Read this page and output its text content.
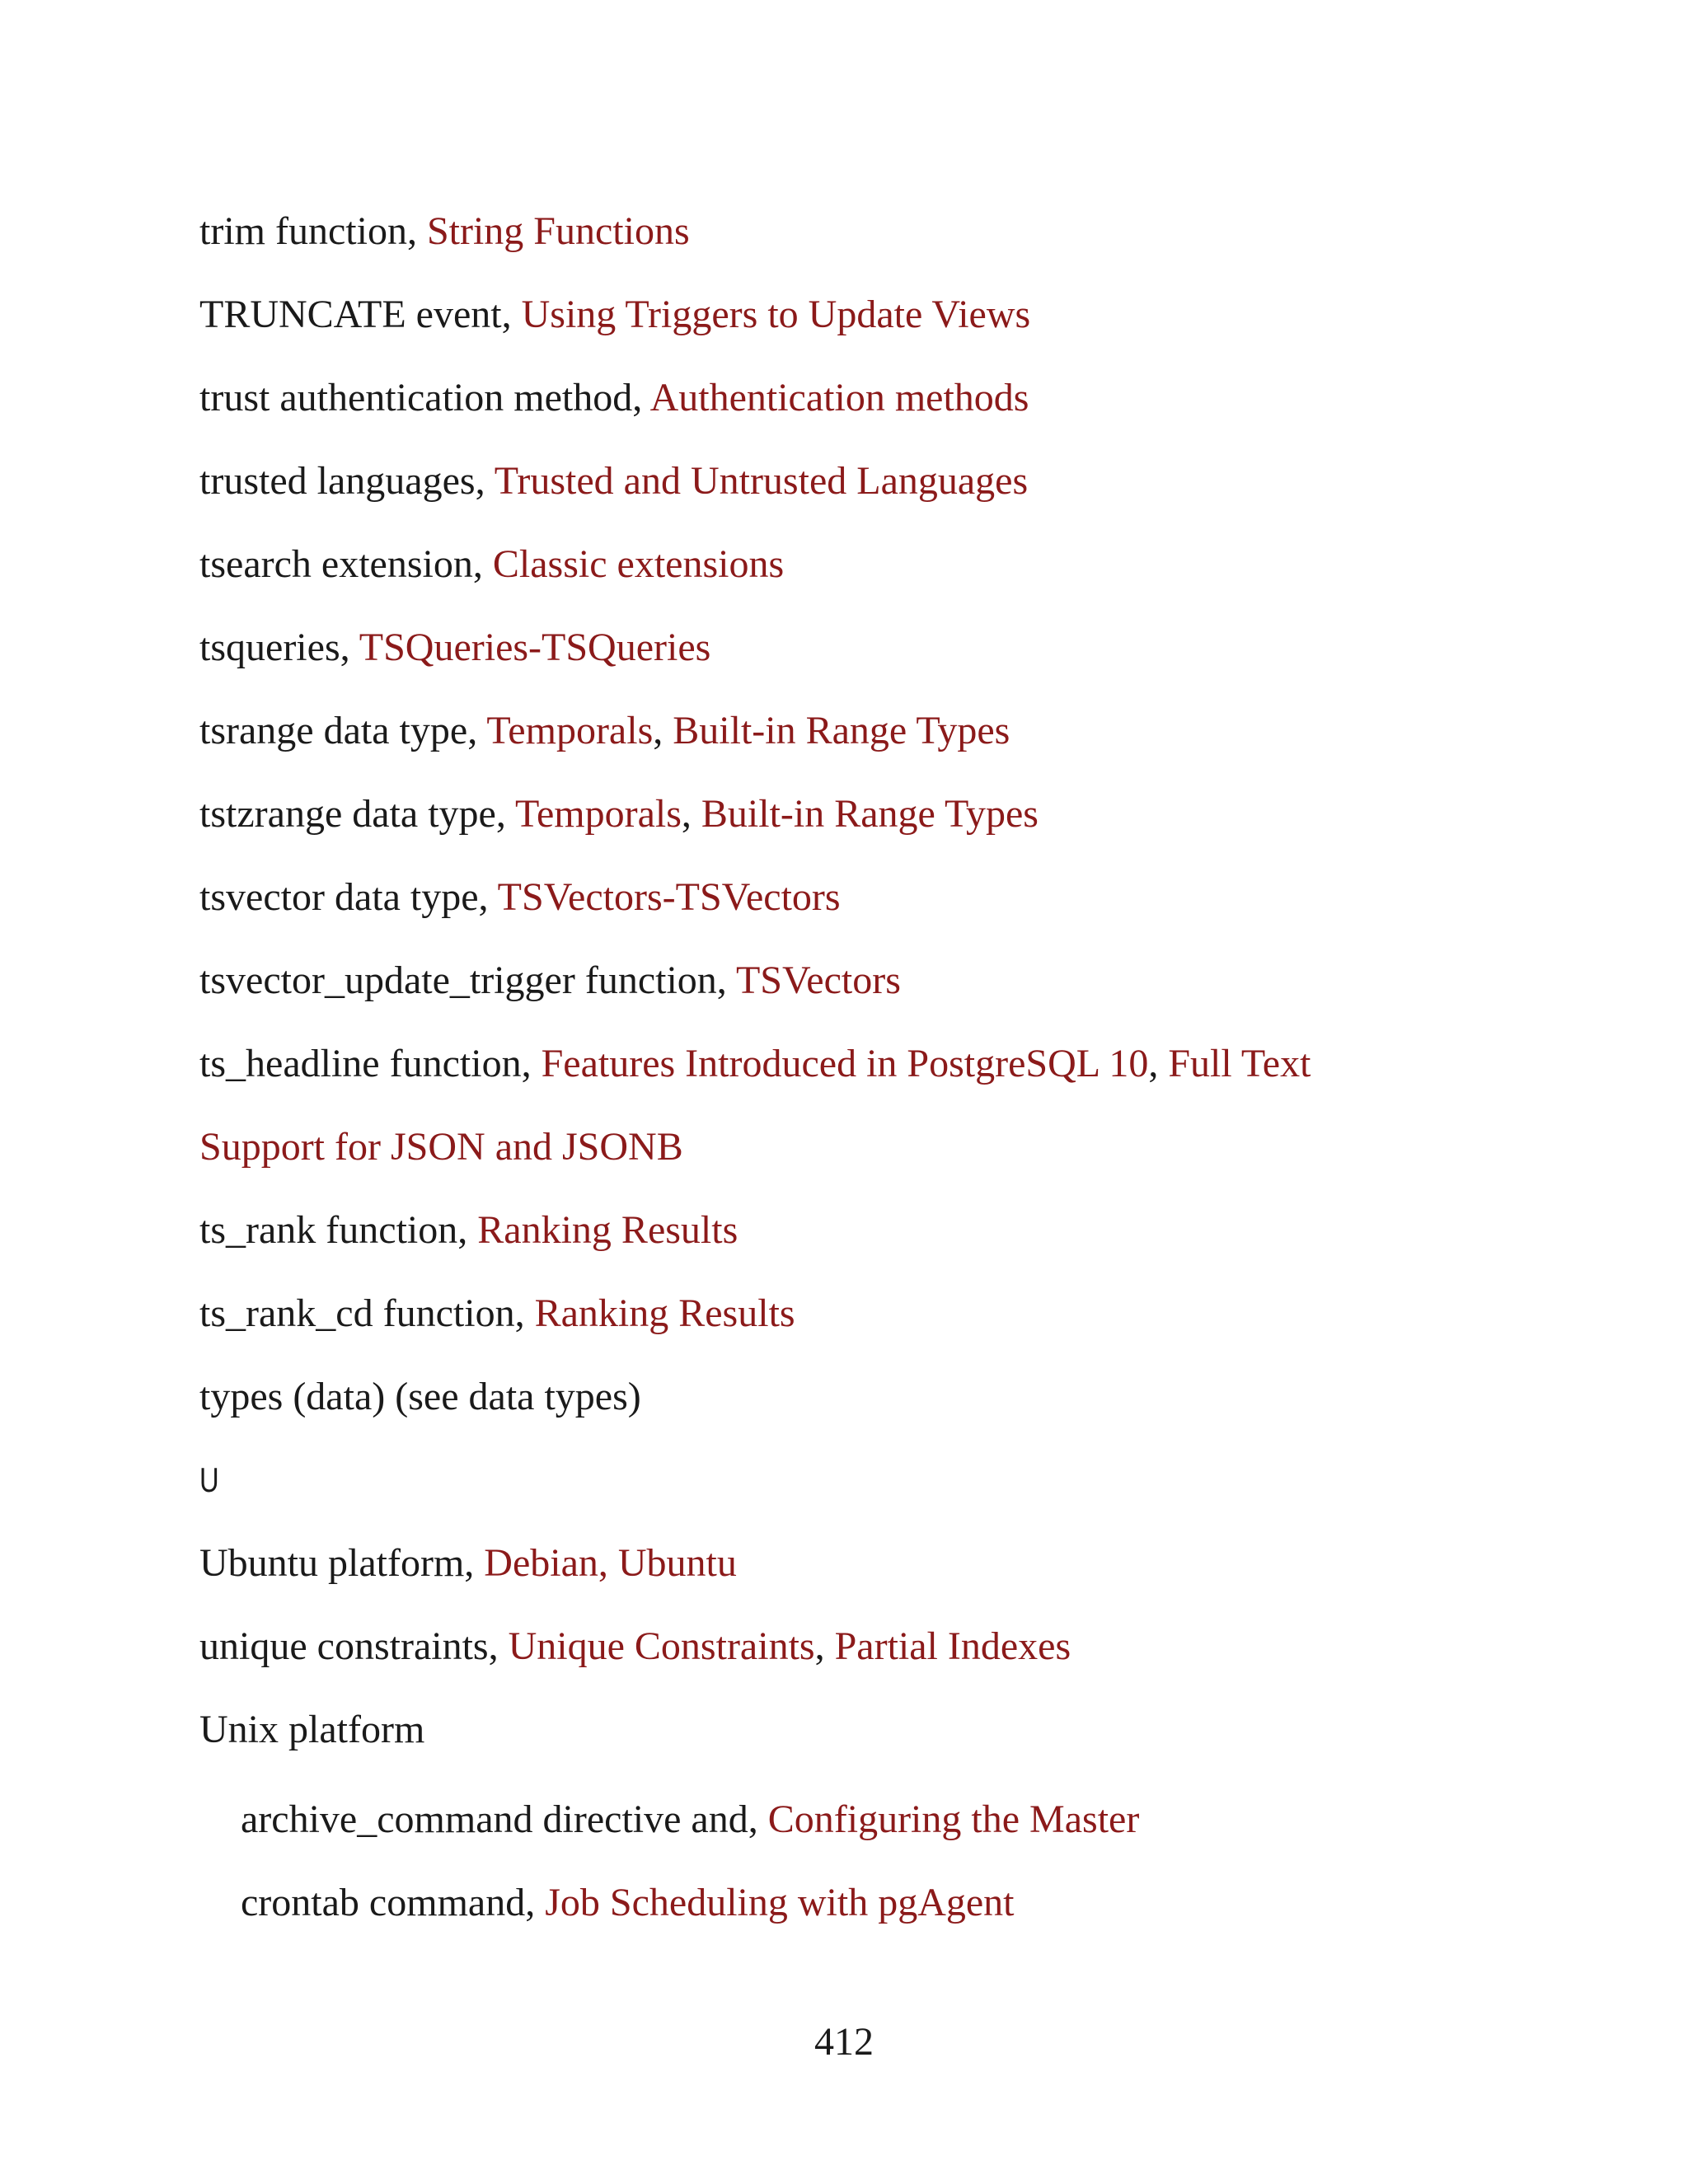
trim function, String Functions
TRUNCATE event, Using Triggers to Update Views
trust authentication method, Authentication methods
trusted languages, Trusted and Untrusted Languages
tsearch extension, Classic extensions
tsqueries, TSQueries-TSQueries
tsrange data type, Temporals, Built-in Range Types
tstzrange data type, Temporals, Built-in Range Types
tsvector data type, TSVectors-TSVectors
tsvector_update_trigger function, TSVectors
ts_headline function, Features Introduced in PostgreSQL 10, Full Text
Support for JSON and JSONB
ts_rank function, Ranking Results
ts_rank_cd function, Ranking Results
types (data) (see data types)
U
Ubuntu platform, Debian, Ubuntu
unique constraints, Unique Constraints, Partial Indexes
Unix platform
archive_command directive and, Configuring the Master
crontab command, Job Scheduling with pgAgent
412
